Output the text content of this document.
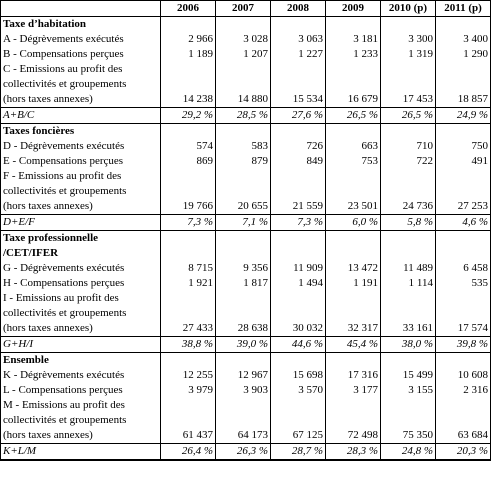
	2006	2007	2008	2009	2010 (p)	2011 (p)
Taxe d’habitation						
A - Dégrèvements exécutés	2 966	3 028	3 063	3 181	3 300	3 400
B - Compensations perçues	1 189	1 207	1 227	1 233	1 319	1 290
C - Emissions au profit des						
collectivités et groupements						
(hors taxes annexes)	14 238	14 880	15 534	16 679	17 453	18 857
A+B/C	29,2 %	28,5 %	27,6 %	26,5 %	26,5 %	24,9 %
Taxes foncières						
D - Dégrèvements exécutés	574	583	726	663	710	750
E - Compensations perçues	869	879	849	753	722	491
F - Emissions au profit des						
collectivités et groupements						
(hors taxes annexes)	19 766	20 655	21 559	23 501	24 736	27 253
D+E/F	7,3 %	7,1 %	7,3 %	6,0 %	5,8 %	4,6 %
Taxe professionnelle						
/CET/IFER						
G - Dégrèvements exécutés	8 715	9 356	11 909	13 472	11 489	6 458
H - Compensations perçues	1 921	1 817	1 494	1 191	1 114	535
I - Emissions au profit des						
collectivités et groupements						
(hors taxes annexes)	27 433	28 638	30 032	32 317	33 161	17 574
G+H/I	38,8 %	39,0 %	44,6 %	45,4 %	38,0 %	39,8 %
Ensemble						
K - Dégrèvements exécutés	12 255	12 967	15 698	17 316	15 499	10 608
L - Compensations perçues	3 979	3 903	3 570	3 177	3 155	2 316
M - Emissions au profit des						
collectivités et groupements						
(hors taxes annexes)	61 437	64 173	67 125	72 498	75 350	63 684
K+L/M	26,4 %	26,3 %	28,7 %	28,3 %	24,8 %	20,3 %
